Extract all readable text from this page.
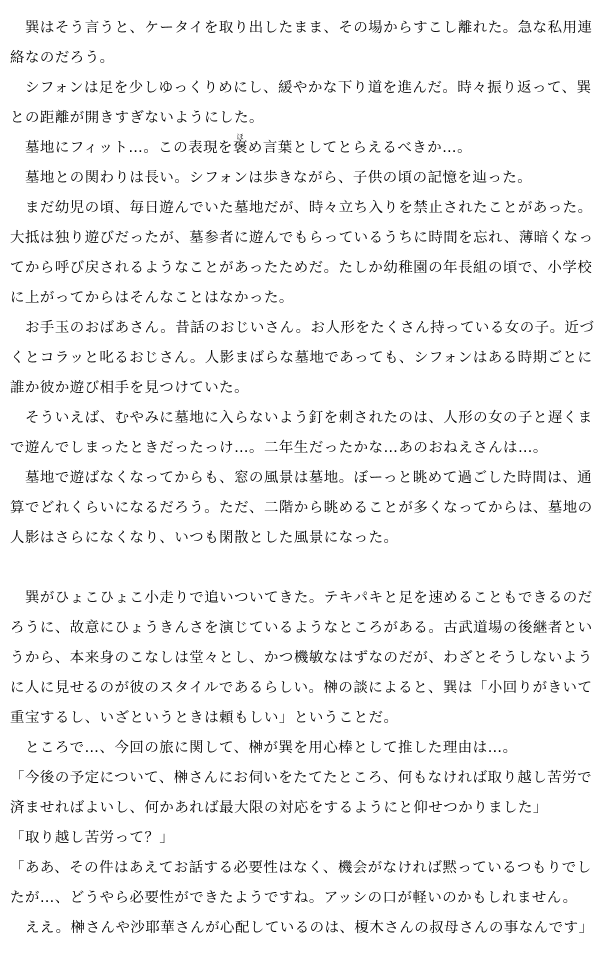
　巽はそう言うと、ケータイを取り出したまま、その場からすこし離れた。急な私用連
絡なのだろう。
　シフォンは足を少しゆっくりめにし、緩やかな下り道を進んだ。時々振り返って、巽
との距離が開きすぎないようにした。
　墓地にフィット…。この表現を褒ほめ言葉としてとらえるべきか…。
　墓地との関わりは長い。シフォンは歩きながら、子供の頃の記憶を辿った。
　まだ幼児の頃、毎日遊んでいた墓地だが、時々立ち入りを禁止されたことがあった。
大抵は独り遊びだったが、墓参者に遊んでもらっているうちに時間を忘れ、薄暗くなっ
てから呼び戻されるようなことがあったためだ。たしか幼稚園の年長組の頃で、小学校
に上がってからはそんなことはなかった。
　お手玉のおばあさん。昔話のおじいさん。お人形をたくさん持っている女の子。近づ
くとコラッと叱るおじさん。人影まばらな墓地であっても、シフォンはある時期ごとに
誰か彼か遊び相手を見つけていた。
　そういえば、むやみに墓地に入らないよう釘を刺されたのは、人形の女の子と遅くま
で遊んでしまったときだったっけ…。二年生だったかな…あのおねえさんは…。
　墓地で遊ばなくなってからも、窓の風景は墓地。ぼーっと眺めて過ごした時間は、通
算でどれくらいになるだろう。ただ、二階から眺めることが多くなってからは、墓地の
人影はさらになくなり、いつも閑散とした風景になった。
　巽がひょこひょこ小走りで追いついてきた。テキパキと足を速めることもできるのだ
ろうに、故意にひょうきんさを演じているようなところがある。古武道場の後継者とい
うから、本来身のこなしは堂々とし、かつ機敏なはずなのだが、わざとそうしないよう
に人に見せるのが彼のスタイルであるらしい。榊の談によると、巽は「小回りがきいて
重宝するし、いざというときは頼もしい」ということだ。
　ところで…、今回の旅に関して、榊が巽を用心棒として推した理由は…。
「今後の予定について、榊さんにお伺いをたてたところ、何もなければ取り越し苦労で
済ませればよいし、何かあれば最大限の対応をするようにと仰せつかりました」
「取り越し苦労って？」
「ああ、その件はあえてお話する必要性はなく、機会がなければ黙っているつもりでし
たが…、どうやら必要性ができたようですね。アッシの口が軽いのかもしれません。
　ええ。榊さんや沙耶華さんが心配しているのは、榎木さんの叔母さんの事なんです」
